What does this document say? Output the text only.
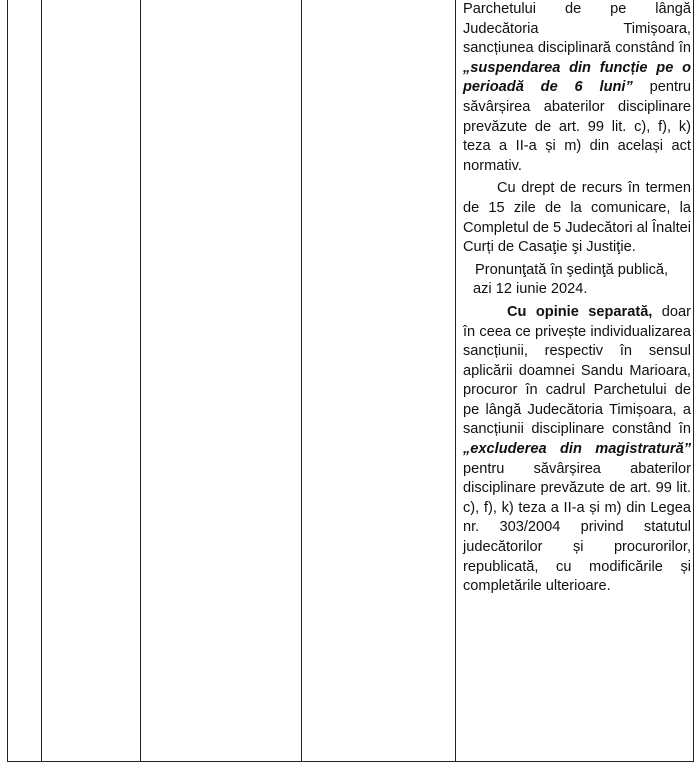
Parchetului de pe lângă
Judecătoria Timișoara,
sancțiunea disciplinară constând în „suspendarea din funcție pe o perioadă de 6 luni” pentru săvârșirea abaterilor disciplinare prevăzute de art. 99 lit. c), f), k) teza a II-a și m) din același act normativ.

Cu drept de recurs în termen de 15 zile de la comunicare, la Completul de 5 Judecători al Înaltei Curți de Casaţie şi Justiţie.

Pronunţată în şedinţă publică,
azi 12 iunie 2024.

Cu opinie separată, doar în ceea ce privește individualizarea sancțiunii, respectiv în sensul aplicării doamnei Sandu Marioara, procuror în cadrul Parchetului de pe lângă Judecătoria Timișoara, a sancțiunii disciplinare constând în „excluderea din magistratură” pentru săvârșirea abaterilor disciplinare prevăzute de art. 99 lit. c), f), k) teza a II-a și m) din Legea nr. 303/2004 privind statutul judecătorilor și procurorilor, republicată, cu modificările și completările ulterioare.
